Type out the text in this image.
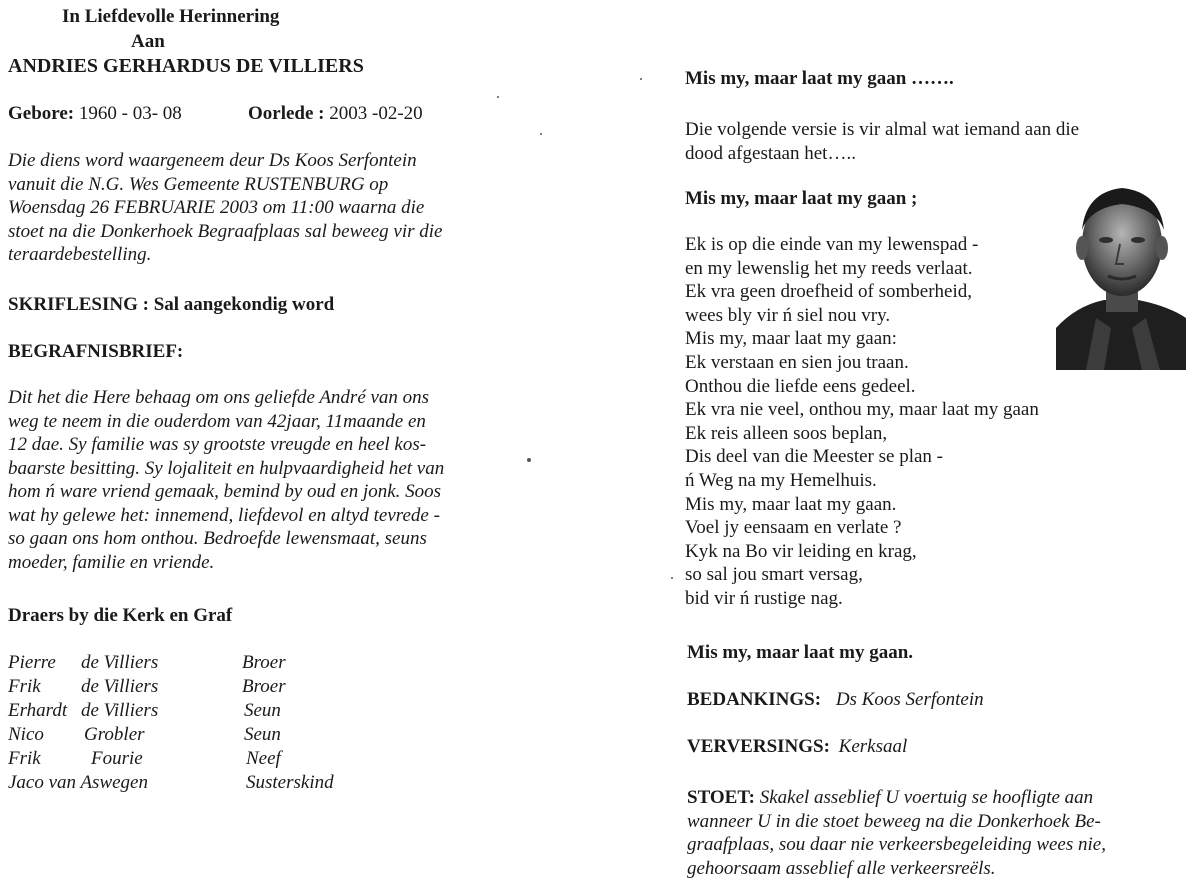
In Liefdevolle Herinnering
Aan
ANDRIES GERHARDUS DE VILLIERS
Gebore: 1960 - 03- 08	Oorlede : 2003 -02-20
Die diens word waargeneem deur Ds Koos Serfontein
vanuit die N.G. Wes Gemeente RUSTENBURG op
Woensdag 26 FEBRUARIE 2003 om 11:00 waarna die
stoet na die Donkerhoek Begraafplaas sal beweeg vir die
teraardebestelling.
SKRIFLESING : Sal aangekondig word
BEGRAFNISBRIEF:
Dit het die Here behaag om ons geliefde André van ons
weg te neem in die ouderdom van 42jaar, 11maande en
12 dae. Sy familie was sy grootste vreugde en heel kos-
baarste besitting. Sy lojaliteit en hulpvaardigheid het van
hom ń ware vriend gemaak, bemind by oud en jonk. Soos
wat hy gelewe het: innemend, liefdevol en altyd tevrede -
so gaan ons hom onthou. Bedroefde lewensmaat, seuns
moeder, familie en vriende.
Draers by die Kerk en Graf
Pierre de Villiers	Broer
Frik de Villiers	Broer
Erhardt de Villiers	Seun
Nico Grobler	Seun
Frik	Fourie	Neef
Jaco van Aswegen	Susterskind
Mis my, maar laat my gaan …….
Die volgende versie is vir almal wat iemand aan die
dood afgestaan het…..
Mis my, maar laat my gaan ;
Ek is op die einde van my lewenspad -
en my lewenslig het my reeds verlaat.
Ek vra geen droefheid of somberheid,
wees bly vir ń siel nou vry.
Mis my, maar laat my gaan:
Ek verstaan en sien jou traan.
Onthou die liefde eens gedeel.
Ek vra nie veel, onthou my, maar laat my gaan
Ek reis alleen soos beplan,
Dis deel van die Meester se plan -
ń Weg na my Hemelhuis.
Mis my, maar laat my gaan.
Voel jy eensaam en verlate ?
Kyk na Bo vir leiding en krag,
so sal jou smart versag,
bid vir ń rustige nag.
Mis my, maar laat my gaan.
BEDANKINGS: Ds Koos Serfontein
VERVERSINGS: Kerksaal
STOET: Skakel asseblief U voertuig se hoofligte aan
wanneer U in die stoet beweeg na die Donkerhoek Be-
graafplaas, sou daar nie verkeersbegeleiding wees nie,
gehoorsaam asseblief alle verkeersreëls.
